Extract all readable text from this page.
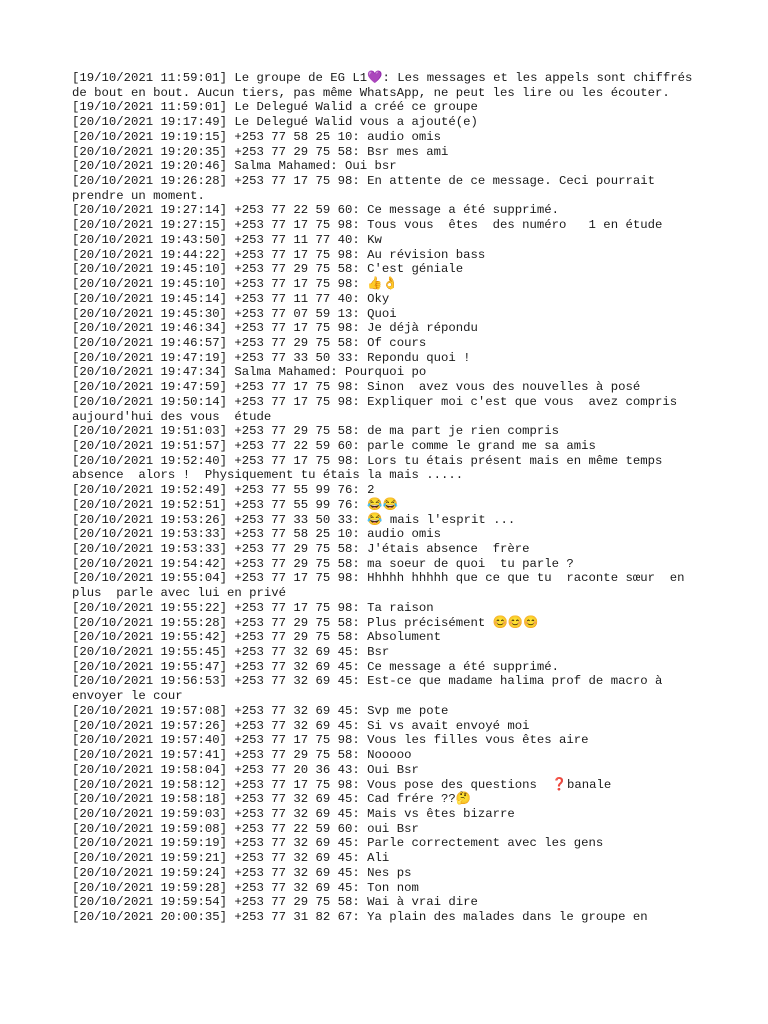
[19/10/2021 11:59:01] Le groupe de EG L1💜: Les messages et les appels sont chiffrés de bout en bout. Aucun tiers, pas même WhatsApp, ne peut les lire ou les écouter.

[19/10/2021 11:59:01] Le Delegué Walid a créé ce groupe

[20/10/2021 19:17:49] Le Delegué Walid vous a ajouté(e)

[20/10/2021 19:19:15] +253 77 58 25 10: audio omis

[20/10/2021 19:20:35] +253 77 29 75 58: Bsr mes ami

[20/10/2021 19:20:46] Salma Mahamed: Oui bsr

[20/10/2021 19:26:28] +253 77 17 75 98: En attente de ce message. Ceci pourrait prendre un moment.

[20/10/2021 19:27:14] +253 77 22 59 60: Ce message a été supprimé.

[20/10/2021 19:27:15] +253 77 17 75 98: Tous vous  êtes  des numéro   1 en étude

[20/10/2021 19:43:50] +253 77 11 77 40: Kw

[20/10/2021 19:44:22] +253 77 17 75 98: Au révision bass

[20/10/2021 19:45:10] +253 77 29 75 58: C'est géniale

[20/10/2021 19:45:10] +253 77 17 75 98: 👍👌

[20/10/2021 19:45:14] +253 77 11 77 40: Oky

[20/10/2021 19:45:30] +253 77 07 59 13: Quoi

[20/10/2021 19:46:34] +253 77 17 75 98: Je déjà répondu

[20/10/2021 19:46:57] +253 77 29 75 58: Of cours

[20/10/2021 19:47:19] +253 77 33 50 33: Repondu quoi !

[20/10/2021 19:47:34] Salma Mahamed: Pourquoi po

[20/10/2021 19:47:59] +253 77 17 75 98: Sinon  avez vous des nouvelles à posé

[20/10/2021 19:50:14] +253 77 17 75 98: Expliquer moi c'est que vous  avez compris aujourd'hui des vous  étude

[20/10/2021 19:51:03] +253 77 29 75 58: de ma part je rien compris

[20/10/2021 19:51:57] +253 77 22 59 60: parle comme le grand me sa amis

[20/10/2021 19:52:40] +253 77 17 75 98: Lors tu étais présent mais en même temps absence  alors !  Physiquement tu étais la mais .....

[20/10/2021 19:52:49] +253 77 55 99 76: 2

[20/10/2021 19:52:51] +253 77 55 99 76: 😂😂

[20/10/2021 19:53:26] +253 77 33 50 33: 😂 mais l'esprit ...

[20/10/2021 19:53:33] +253 77 58 25 10: audio omis

[20/10/2021 19:53:33] +253 77 29 75 58: J'étais absence  frère

[20/10/2021 19:54:42] +253 77 29 75 58: ma soeur de quoi  tu parle ?

[20/10/2021 19:55:04] +253 77 17 75 98: Hhhhh hhhhh que ce que tu  raconte sœur  en plus  parle avec lui en privé

[20/10/2021 19:55:22] +253 77 17 75 98: Ta raison

[20/10/2021 19:55:28] +253 77 29 75 58: Plus précisément 😊😊😊

[20/10/2021 19:55:42] +253 77 29 75 58: Absolument

[20/10/2021 19:55:45] +253 77 32 69 45: Bsr

[20/10/2021 19:55:47] +253 77 32 69 45: Ce message a été supprimé.

[20/10/2021 19:56:53] +253 77 32 69 45: Est-ce que madame halima prof de macro à envoyer le cour

[20/10/2021 19:57:08] +253 77 32 69 45: Svp me pote

[20/10/2021 19:57:26] +253 77 32 69 45: Si vs avait envoyé moi

[20/10/2021 19:57:40] +253 77 17 75 98: Vous les filles vous êtes aire

[20/10/2021 19:57:41] +253 77 29 75 58: Nooooo

[20/10/2021 19:58:04] +253 77 20 36 43: Oui Bsr

[20/10/2021 19:58:12] +253 77 17 75 98: Vous pose des questions  ❓banale

[20/10/2021 19:58:18] +253 77 32 69 45: Cad frére ??🤔

[20/10/2021 19:59:03] +253 77 32 69 45: Mais vs êtes bizarre

[20/10/2021 19:59:08] +253 77 22 59 60: oui Bsr

[20/10/2021 19:59:19] +253 77 32 69 45: Parle correctement avec les gens

[20/10/2021 19:59:21] +253 77 32 69 45: Ali

[20/10/2021 19:59:24] +253 77 32 69 45: Nes ps

[20/10/2021 19:59:28] +253 77 32 69 45: Ton nom

[20/10/2021 19:59:54] +253 77 29 75 58: Wai à vrai dire

[20/10/2021 20:00:35] +253 77 31 82 67: Ya plain des malades dans le groupe en
